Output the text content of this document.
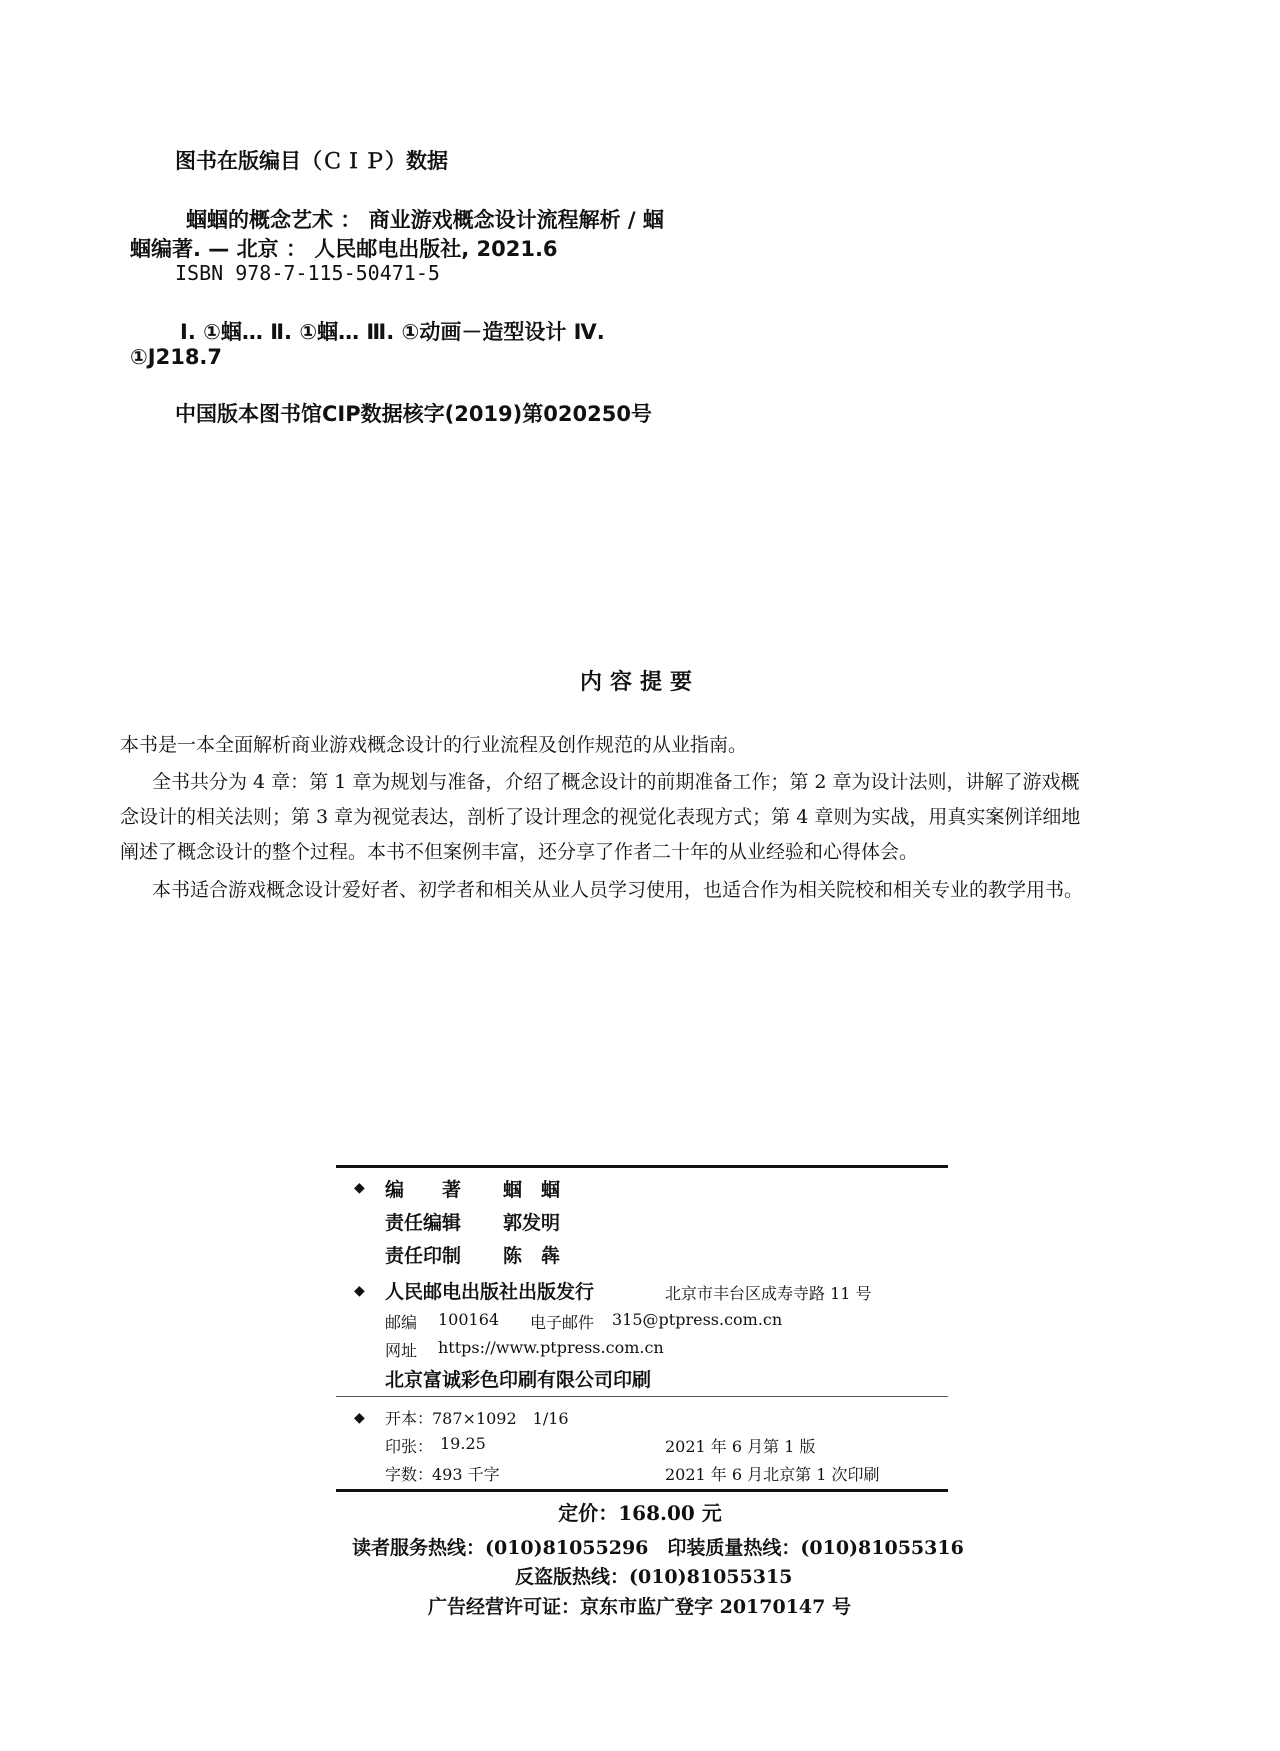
图书在版编目（ＣＩＰ）数据
蝈蝈的概念艺术 ： 商业游戏概念设计流程解析 / 蝈
蝈编著. — 北京 ： 人民邮电出版社, 2021.6
ISBN 978-7-115-50471-5
Ⅰ. ①蝈… Ⅱ. ①蝈… Ⅲ. ①动画－造型设计 Ⅳ.
①J218.7
中国版本图书馆CIP数据核字(2019)第020250号
内容提要
本书是一本全面解析商业游戏概念设计的行业流程及创作规范的从业指南。
全书共分为 4 章：第 1 章为规划与准备，介绍了概念设计的前期准备工作；第 2 章为设计法则，讲解了游戏概
念设计的相关法则；第 3 章为视觉表达，剖析了设计理念的视觉化表现方式；第 4 章则为实战，用真实案例详细地
阐述了概念设计的整个过程。本书不但案例丰富，还分享了作者二十年的从业经验和心得体会。
本书适合游戏概念设计爱好者、初学者和相关从业人员学习使用，也适合作为相关院校和相关专业的教学用书。
◆ 编　　著 蝈　蝈
责任编辑 郭发明
责任印制 陈　犇
◆ 人民邮电出版社出版发行	北京市丰台区成寿寺路 11 号
邮编 100164 电子邮件 315@ptpress.com.cn
网址 https://www.ptpress.com.cn
北京富诚彩色印刷有限公司印刷
◆ 开本：
787×1092　1/16
印张： 19.25	2021 年 6 月第 1 版
字数：
493 千字	2021 年 6 月北京第 1 次印刷
定价：168.00 元
读者服务热线：(010)81055296　印装质量热线：(010)81055316
反盗版热线：(010)81055315
广告经营许可证：京东市监广登字 20170147 号
